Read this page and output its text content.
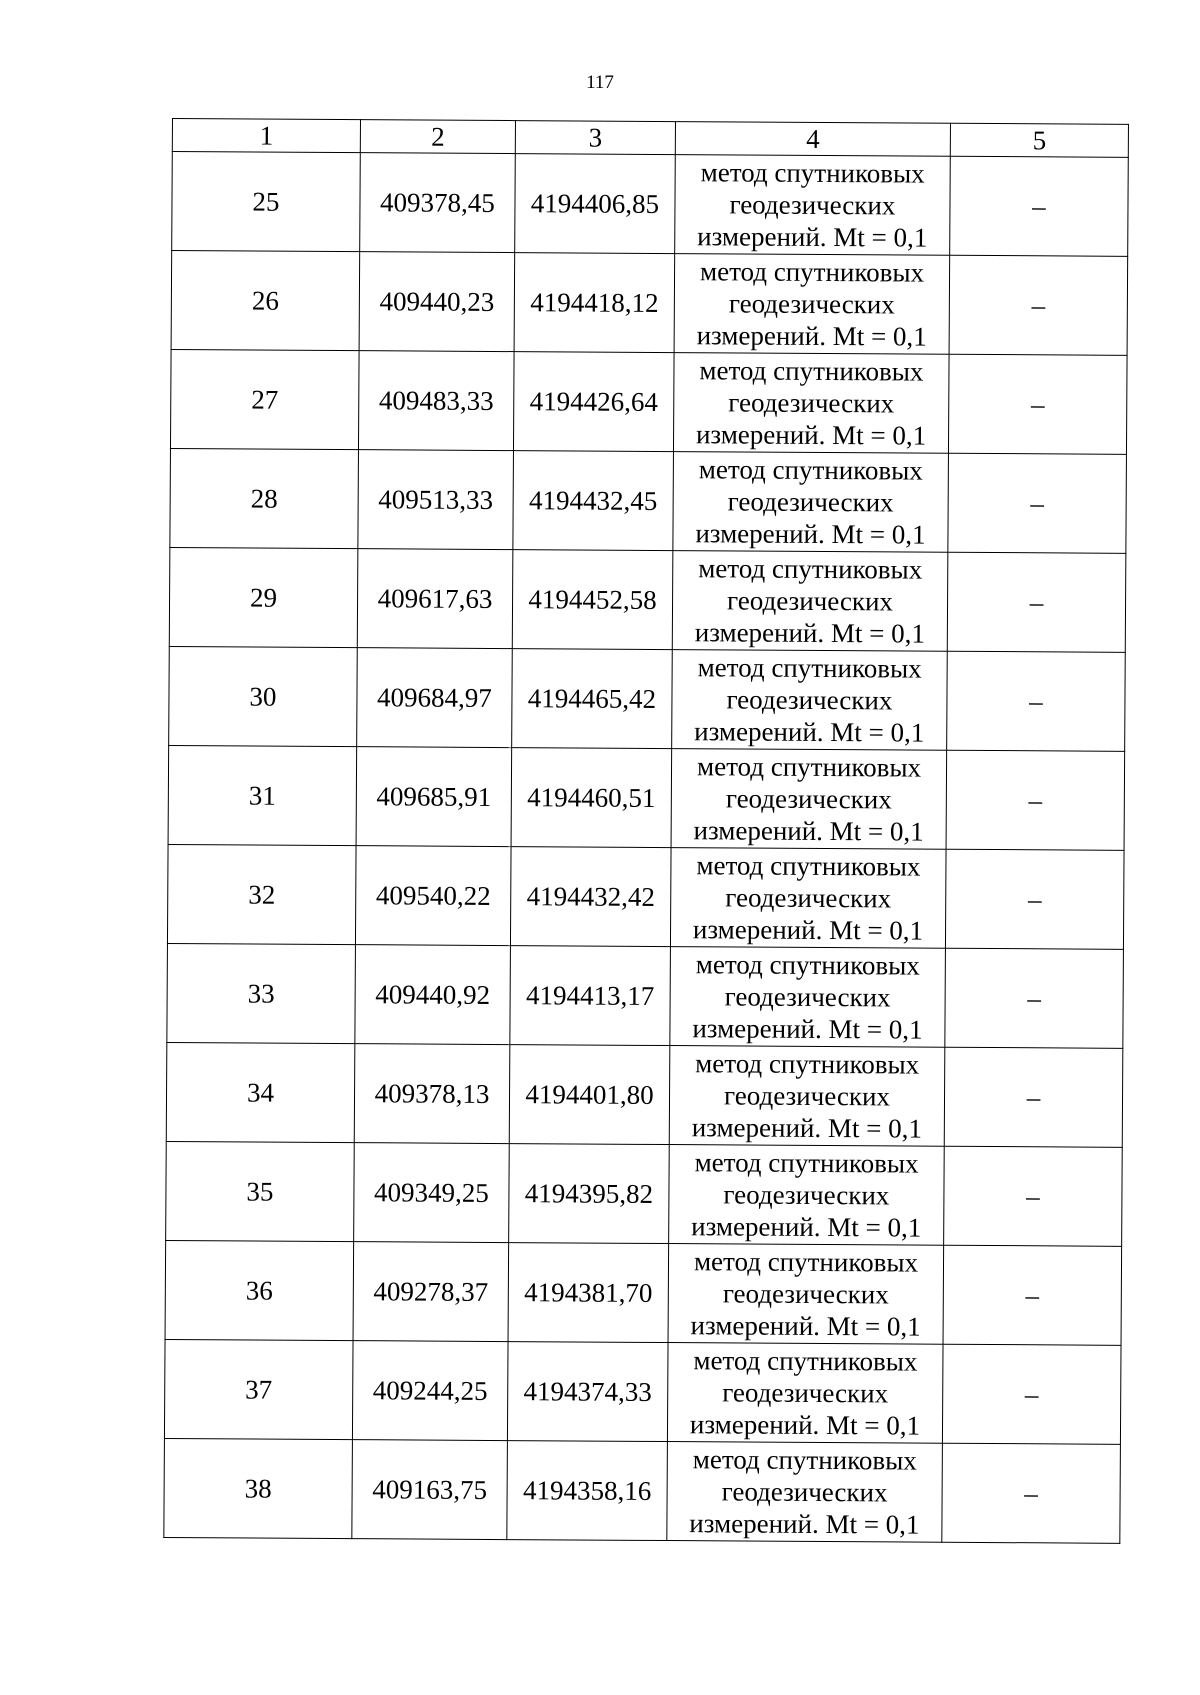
117
1	2	3	4	5
25	409378,45	4194406,85	метод спутниковых геодезических измерений. Mt = 0,1	–
26	409440,23	4194418,12	метод спутниковых геодезических измерений. Mt = 0,1	–
27	409483,33	4194426,64	метод спутниковых геодезических измерений. Mt = 0,1	–
28	409513,33	4194432,45	метод спутниковых геодезических измерений. Mt = 0,1	–
29	409617,63	4194452,58	метод спутниковых геодезических измерений. Mt = 0,1	–
30	409684,97	4194465,42	метод спутниковых геодезических измерений. Mt = 0,1	–
31	409685,91	4194460,51	метод спутниковых геодезических измерений. Mt = 0,1	–
32	409540,22	4194432,42	метод спутниковых геодезических измерений. Mt = 0,1	–
33	409440,92	4194413,17	метод спутниковых геодезических измерений. Mt = 0,1	–
34	409378,13	4194401,80	метод спутниковых геодезических измерений. Mt = 0,1	–
35	409349,25	4194395,82	метод спутниковых геодезических измерений. Mt = 0,1	–
36	409278,37	4194381,70	метод спутниковых геодезических измерений. Mt = 0,1	–
37	409244,25	4194374,33	метод спутниковых геодезических измерений. Mt = 0,1	–
38	409163,75	4194358,16	метод спутниковых геодезических измерений. Mt = 0,1	–
